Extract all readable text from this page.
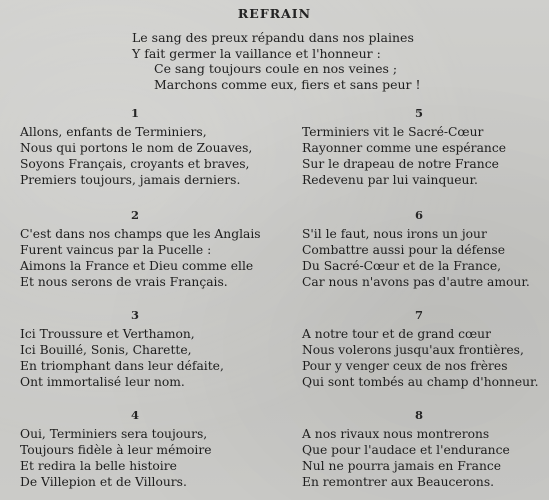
REFRAIN
Le sang des preux répandu dans nos plaines
Y fait germer la vaillance et l'honneur :
Ce sang toujours coule en nos veines ;
Marchons comme eux, fiers et sans peur !
1
Allons, enfants de Terminiers,
Nous qui portons le nom de Zouaves,
Soyons Français, croyants et braves,
Premiers toujours, jamais derniers.
2
C'est dans nos champs que les Anglais
Furent vaincus par la Pucelle :
Aimons la France et Dieu comme elle
Et nous serons de vrais Français.
3
Ici Troussure et Verthamon,
Ici Bouillé, Sonis, Charette,
En triomphant dans leur défaite,
Ont immortalisé leur nom.
4
Oui, Terminiers sera toujours,
Toujours fidèle à leur mémoire
Et redira la belle histoire
De Villepion et de Villours.
5
Terminiers vit le Sacré-Cœur
Rayonner comme une espérance
Sur le drapeau de notre France
Redevenu par lui vainqueur.
6
S'il le faut, nous irons un jour
Combattre aussi pour la défense
Du Sacré-Cœur et de la France,
Car nous n'avons pas d'autre amour.
7
A notre tour et de grand cœur
Nous volerons jusqu'aux frontières,
Pour y venger ceux de nos frères
Qui sont tombés au champ d'honneur.
8
A nos rivaux nous montrerons
Que pour l'audace et l'endurance
Nul ne pourra jamais en France
En remontrer aux Beaucerons.
